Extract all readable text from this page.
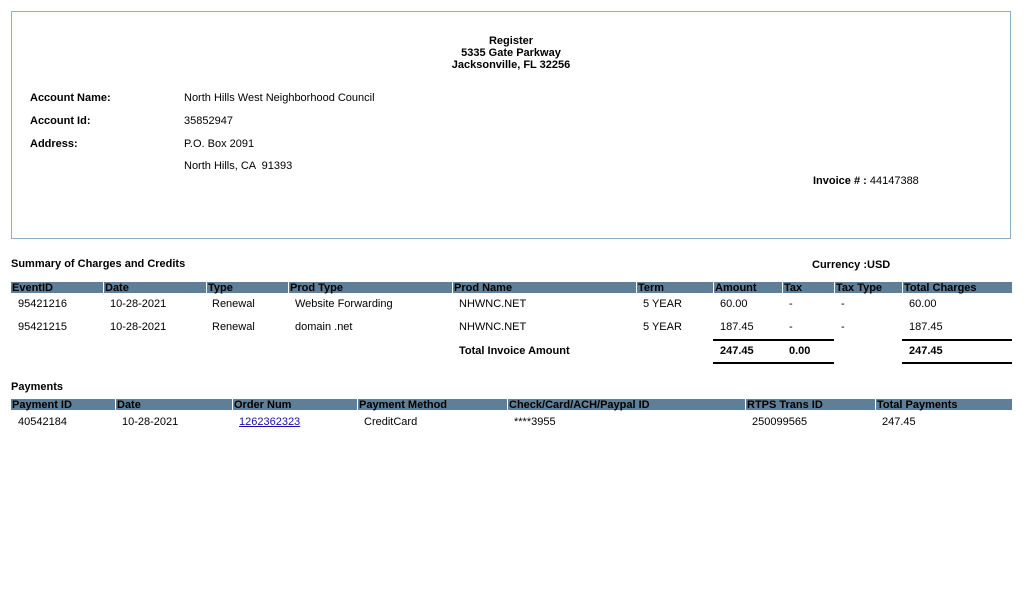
Register
5335 Gate Parkway
Jacksonville, FL 32256
Account Name:	North Hills West Neighborhood Council
Account Id:	35852947
Address:	P.O. Box 2091
North Hills, CA  91393
Invoice # : 44147388
Summary of Charges and Credits	Currency :USD
EventID	Date	Type	Prod Type	Prod Name	Term	Amount	Tax	Tax Type	Total Charges
95421216	10-28-2021	Renewal	Website Forwarding	NHWNC.NET	5 YEAR	60.00	-	-	60.00
95421215	10-28-2021	Renewal	domain .net	NHWNC.NET	5 YEAR	187.45	-	-	187.45
Total Invoice Amount	247.45	0.00	247.45
Payments
Payment ID	Date	Order Num	Payment Method	Check/Card/ACH/Paypal ID	RTPS Trans ID	Total Payments
40542184	10-28-2021	1262362323	CreditCard	****3955	250099565	247.45
